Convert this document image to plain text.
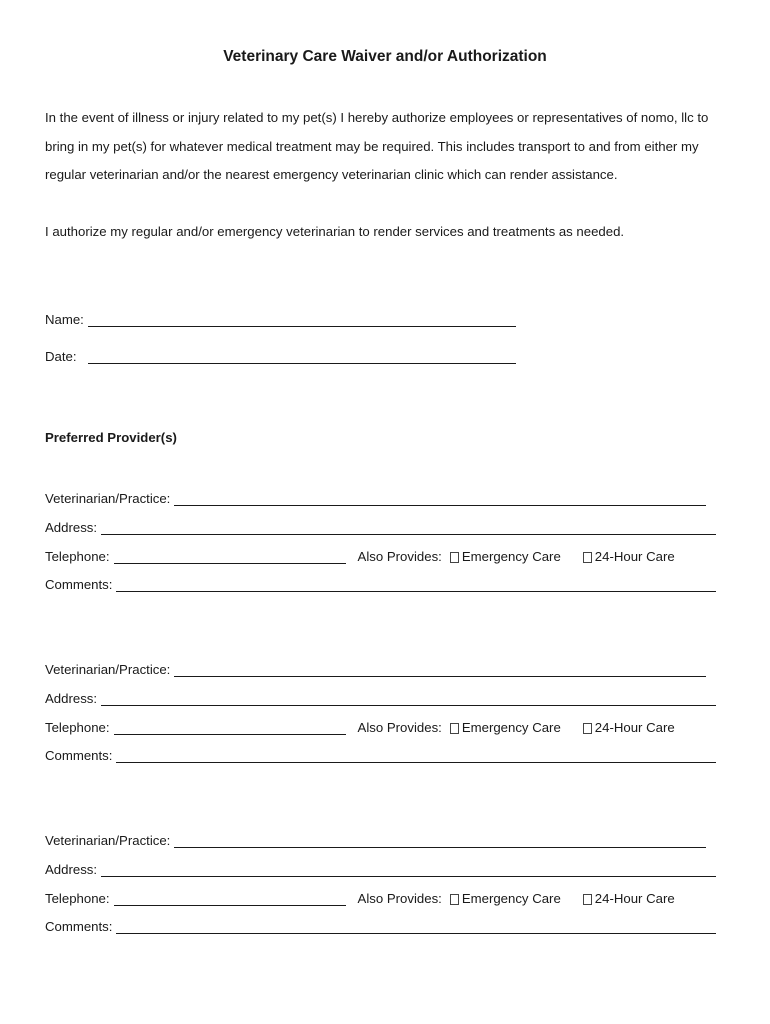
Veterinary Care Waiver and/or Authorization
In the event of illness or injury related to my pet(s) I hereby authorize employees or representatives of nomo, llc to bring in my pet(s) for whatever medical treatment may be required. This includes transport to and from either my regular veterinarian and/or the nearest emergency veterinarian clinic which can render assistance.
I authorize my regular and/or emergency veterinarian to render services and treatments as needed.
Name:
Date:
Preferred Provider(s)
Veterinarian/Practice:
Address:
Telephone:	Also Provides: Emergency Care	24-Hour Care
Comments:
Veterinarian/Practice:
Address:
Telephone:	Also Provides: Emergency Care	24-Hour Care
Comments:
Veterinarian/Practice:
Address:
Telephone:	Also Provides: Emergency Care	24-Hour Care
Comments:
